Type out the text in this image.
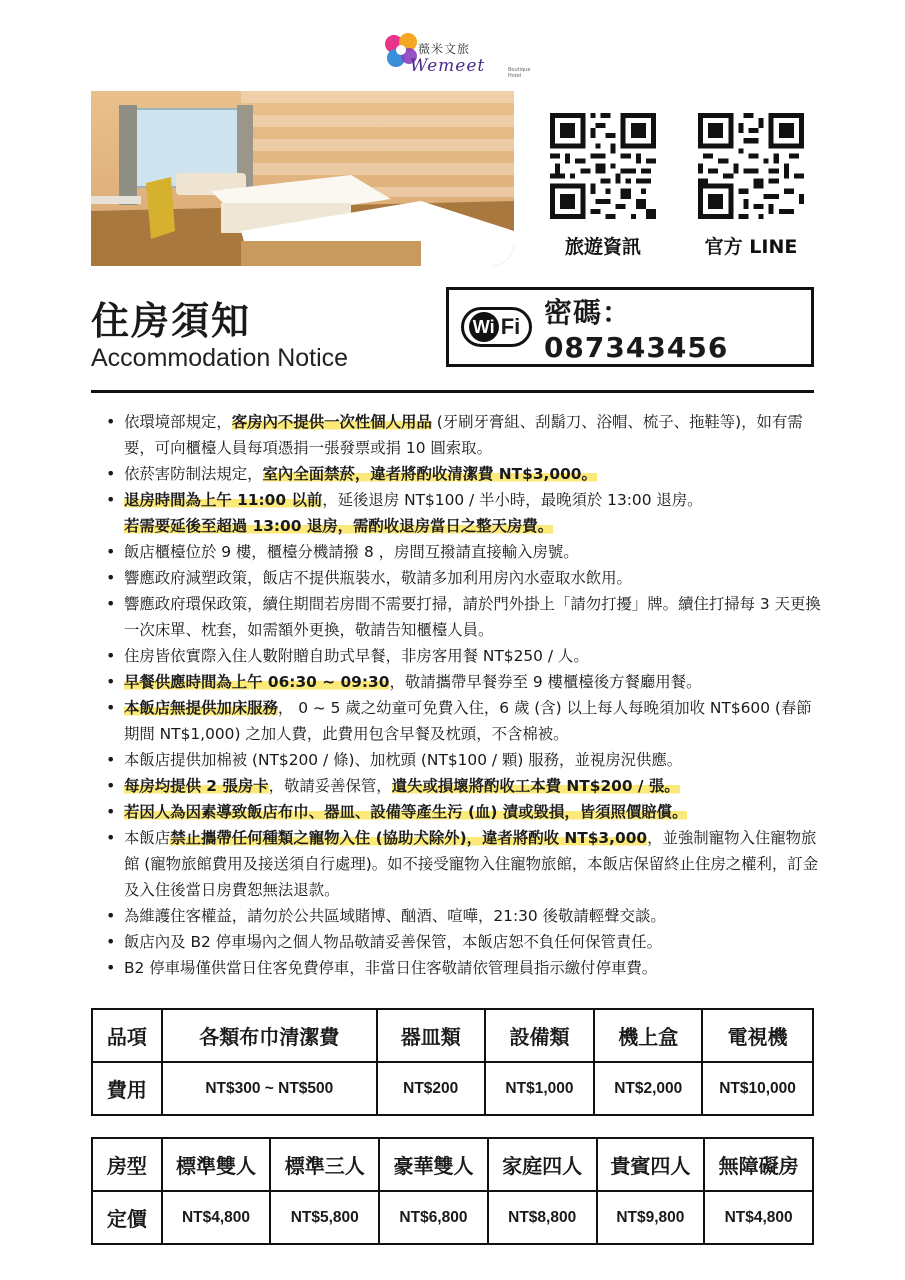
薇米文旅
Wemeet	Boutique Hotel
旅遊資訊	官方 LINE
住房須知
Accommodation Notice
Wi Fi 密碼：087343456
• 依環境部規定，客房內不提供一次性個人用品 (牙刷牙膏組、刮鬍刀、浴帽、梳子、拖鞋等)，如有需要，可向櫃檯人員每項憑捐一張發票或捐 10 圓索取。
• 依菸害防制法規定，室內全面禁菸，違者將酌收清潔費 NT$3,000。
• 退房時間為上午 11:00 以前，延後退房 NT$100 / 半小時，最晚須於 13:00 退房。
若需要延後至超過 13:00 退房，需酌收退房當日之整天房費。
• 飯店櫃檯位於 9 樓，櫃檯分機請撥 8 ，房間互撥請直接輸入房號。
• 響應政府減塑政策，飯店不提供瓶裝水，敬請多加利用房內水壺取水飲用。
• 響應政府環保政策，續住期間若房間不需要打掃，請於門外掛上「請勿打擾」牌。續住打掃每 3 天更換一次床單、枕套，如需額外更換，敬請告知櫃檯人員。
• 住房皆依實際入住人數附贈自助式早餐，非房客用餐 NT$250 / 人。
• 早餐供應時間為上午 06:30 ~ 09:30，敬請攜帶早餐券至 9 樓櫃檯後方餐廳用餐。
• 本飯店無提供加床服務， 0 ~ 5 歲之幼童可免費入住，6 歲 (含) 以上每人每晚須加收 NT$600 (春節期間 NT$1,000) 之加人費，此費用包含早餐及枕頭，不含棉被。
• 本飯店提供加棉被 (NT$200 / 條)、加枕頭 (NT$100 / 顆) 服務，並視房況供應。
• 每房均提供 2 張房卡，敬請妥善保管，遺失或損壞將酌收工本費 NT$200 / 張。
• 若因人為因素導致飯店布巾、器皿、設備等產生污 (血) 漬或毀損，皆須照價賠償。
• 本飯店禁止攜帶任何種類之寵物入住 (協助犬除外)，違者將酌收 NT$3,000，並強制寵物入住寵物旅館 (寵物旅館費用及接送須自行處理)。如不接受寵物入住寵物旅館，本飯店保留終止住房之權利，訂金及入住後當日房費恕無法退款。
• 為維護住客權益，請勿於公共區域賭博、酗酒、喧嘩，21:30 後敬請輕聲交談。
• 飯店內及 B2 停車場內之個人物品敬請妥善保管，本飯店恕不負任何保管責任。
• B2 停車場僅供當日住客免費停車，非當日住客敬請依管理員指示繳付停車費。
品項	各類布巾清潔費	器皿類	設備類	機上盒	電視機
費用	NT$300 ~ NT$500	NT$200	NT$1,000	NT$2,000	NT$10,000
房型	標準雙人	標準三人	豪華雙人	家庭四人	貴賓四人	無障礙房
定價	NT$4,800	NT$5,800	NT$6,800	NT$8,800	NT$9,800	NT$4,800
